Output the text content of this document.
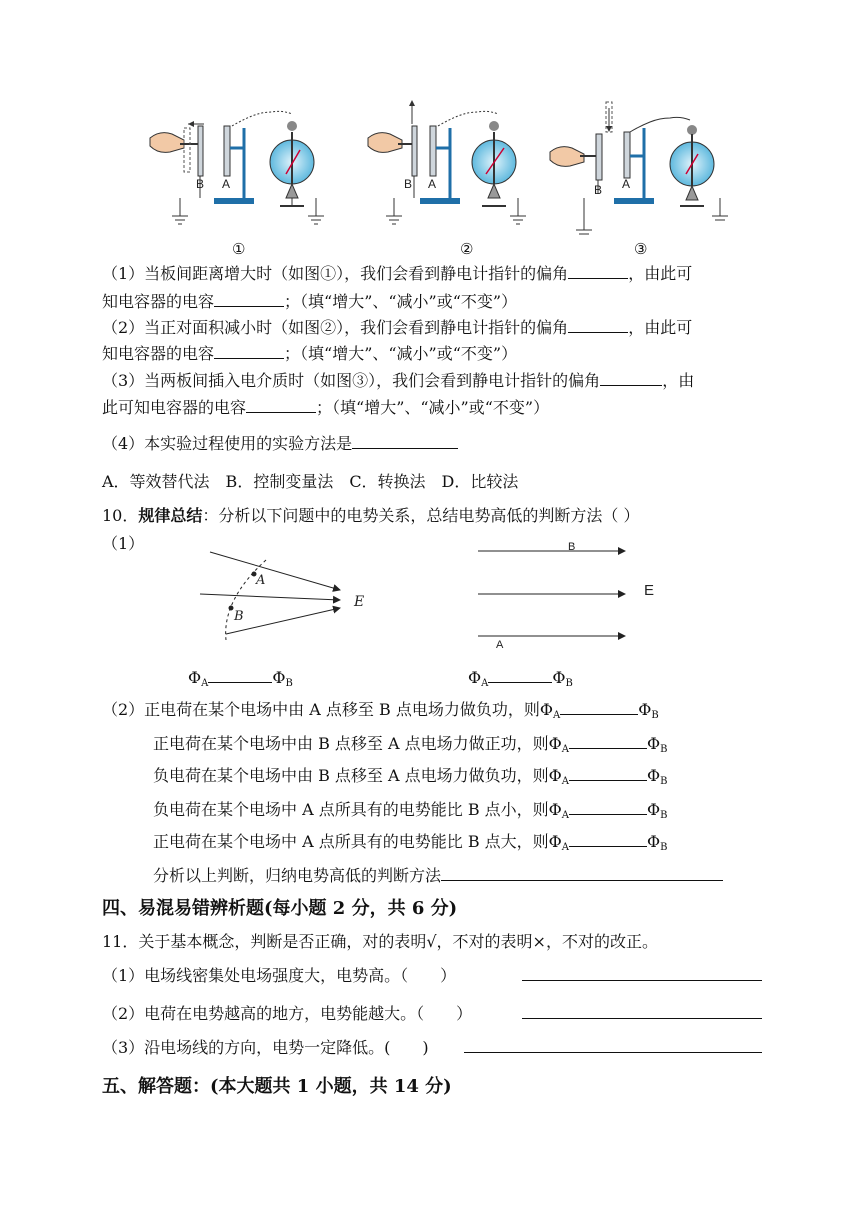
B A	B A	B A
①	②	③
（1）当板间距离增大时（如图①），我们会看到静电计指针的偏角	，由此可
知电容器的电容	；（填“增大”、“减小”或“不变”）
（2）当正对面积减小时（如图②），我们会看到静电计指针的偏角	，由此可
知电容器的电容	；（填“增大”、“减小”或“不变”）
（3）当两板间插入电介质时（如图③），我们会看到静电计指针的偏角	，由
此可知电容器的电容	；（填“增大”、“减小”或“不变”）
（4）本实验过程使用的实验方法是
A．等效替代法　B．控制变量法　C．转换法　D．比较法
10．规律总结：分析以下问题中的电势关系，总结电势高低的判断方法（ ）
（1）
A
B
E
B
A
E
$\Phi_A$	$\Phi_B$	$\Phi_A$	$\Phi_B$
（2）正电荷在某个电场中由 A 点移至 B 点电场力做负功，则$\Phi_A$	$\Phi_B$
正电荷在某个电场中由 B 点移至 A 点电场力做正功，则$\Phi_A$	$\Phi_B$
负电荷在某个电场中由 B 点移至 A 点电场力做负功，则$\Phi_A$	$\Phi_B$
负电荷在某个电场中 A 点所具有的电势能比 B 点小，则$\Phi_A$	$\Phi_B$
正电荷在某个电场中 A 点所具有的电势能比 B 点大，则$\Phi_A$	$\Phi_B$
分析以上判断，归纳电势高低的判断方法
四、易混易错辨析题(每小题 2 分，共 6 分)
11．关于基本概念，判断是否正确，对的表明√，不对的表明×，不对的改正。
（1）电场线密集处电场强度大，电势高。（　　）
（2）电荷在电势越高的地方，电势能越大。（　　）
（3）沿电场线的方向，电势一定降低。(　　)
五、解答题：(本大题共 1 小题，共 14 分)
